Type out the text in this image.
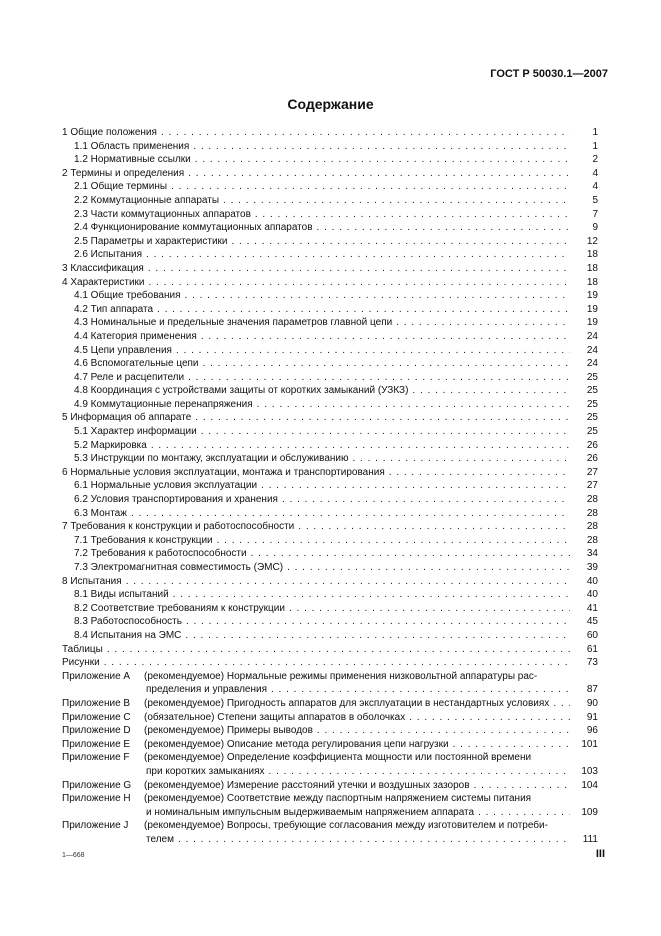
ГОСТ Р 50030.1—2007
Содержание
1 Общие положения . . .	1
1.1 Область применения . . .	1
1.2 Нормативные ссылки . . .	2
2 Термины и определения . . .	4
2.1 Общие термины . . .	4
2.2 Коммутационные аппараты . . .	5
2.3 Части коммутационных аппаратов . . .	7
2.4 Функционирование коммутационных аппаратов . . .	9
2.5 Параметры и характеристики . . .	12
2.6 Испытания . . .	18
3 Классификация . . .	18
4 Характеристики . . .	18
4.1 Общие требования . . .	19
4.2 Тип аппарата . . .	19
4.3 Номинальные и предельные значения параметров главной цепи . . .	19
4.4 Категория применения . . .	24
4.5 Цепи управления . . .	24
4.6 Вспомогательные цепи . . .	24
4.7 Реле и расцепители . . .	25
4.8 Координация с устройствами защиты от коротких замыканий (УЗКЗ) . . .	25
4.9 Коммутационные перенапряжения . . .	25
5 Информация об аппарате . . .	25
5.1 Характер информации . . .	25
5.2 Маркировка . . .	26
5.3 Инструкции по монтажу, эксплуатации и обслуживанию . . .	26
6 Нормальные условия эксплуатации, монтажа и транспортирования . . .	27
6.1 Нормальные условия эксплуатации . . .	27
6.2 Условия транспортирования и хранения . . .	28
6.3 Монтаж . . .	28
7 Требования к конструкции и работоспособности . . .	28
7.1 Требования к конструкции . . .	28
7.2 Требования к работоспособности . . .	34
7.3 Электромагнитная совместимость (ЭМС) . . .	39
8 Испытания . . .	40
8.1 Виды испытаний . . .	40
8.2 Соответствие требованиям к конструкции . . .	41
8.3 Работоспособность . . .	45
8.4 Испытания на ЭМС . . .	60
Таблицы . . .	61
Рисунки . . .	73
Приложение A	(рекомендуемое) Нормальные режимы применения низковольтной аппаратуры рас-
пределения и управления . . .	87
Приложение B	(рекомендуемое) Пригодность аппаратов для эксплуатации в нестандартных условиях . . .	90
Приложение C	(обязательное) Степени защиты аппаратов в оболочках . . .	91
Приложение D	(рекомендуемое) Примеры выводов . . .	96
Приложение E	(рекомендуемое) Описание метода регулирования цепи нагрузки . . .	101
Приложение F	(рекомендуемое) Определение коэффициента мощности или постоянной времени
при коротких замыканиях . . .	103
Приложение G	(рекомендуемое) Измерение расстояний утечки и воздушных зазоров . . .	104
Приложение H	(рекомендуемое) Соответствие между паспортным напряжением системы питания
и номинальным импульсным выдерживаемым напряжением аппарата . . .	109
Приложение J	(рекомендуемое) Вопросы, требующие согласования между изготовителем и потреби-
телем . . .	111
1—668	III
